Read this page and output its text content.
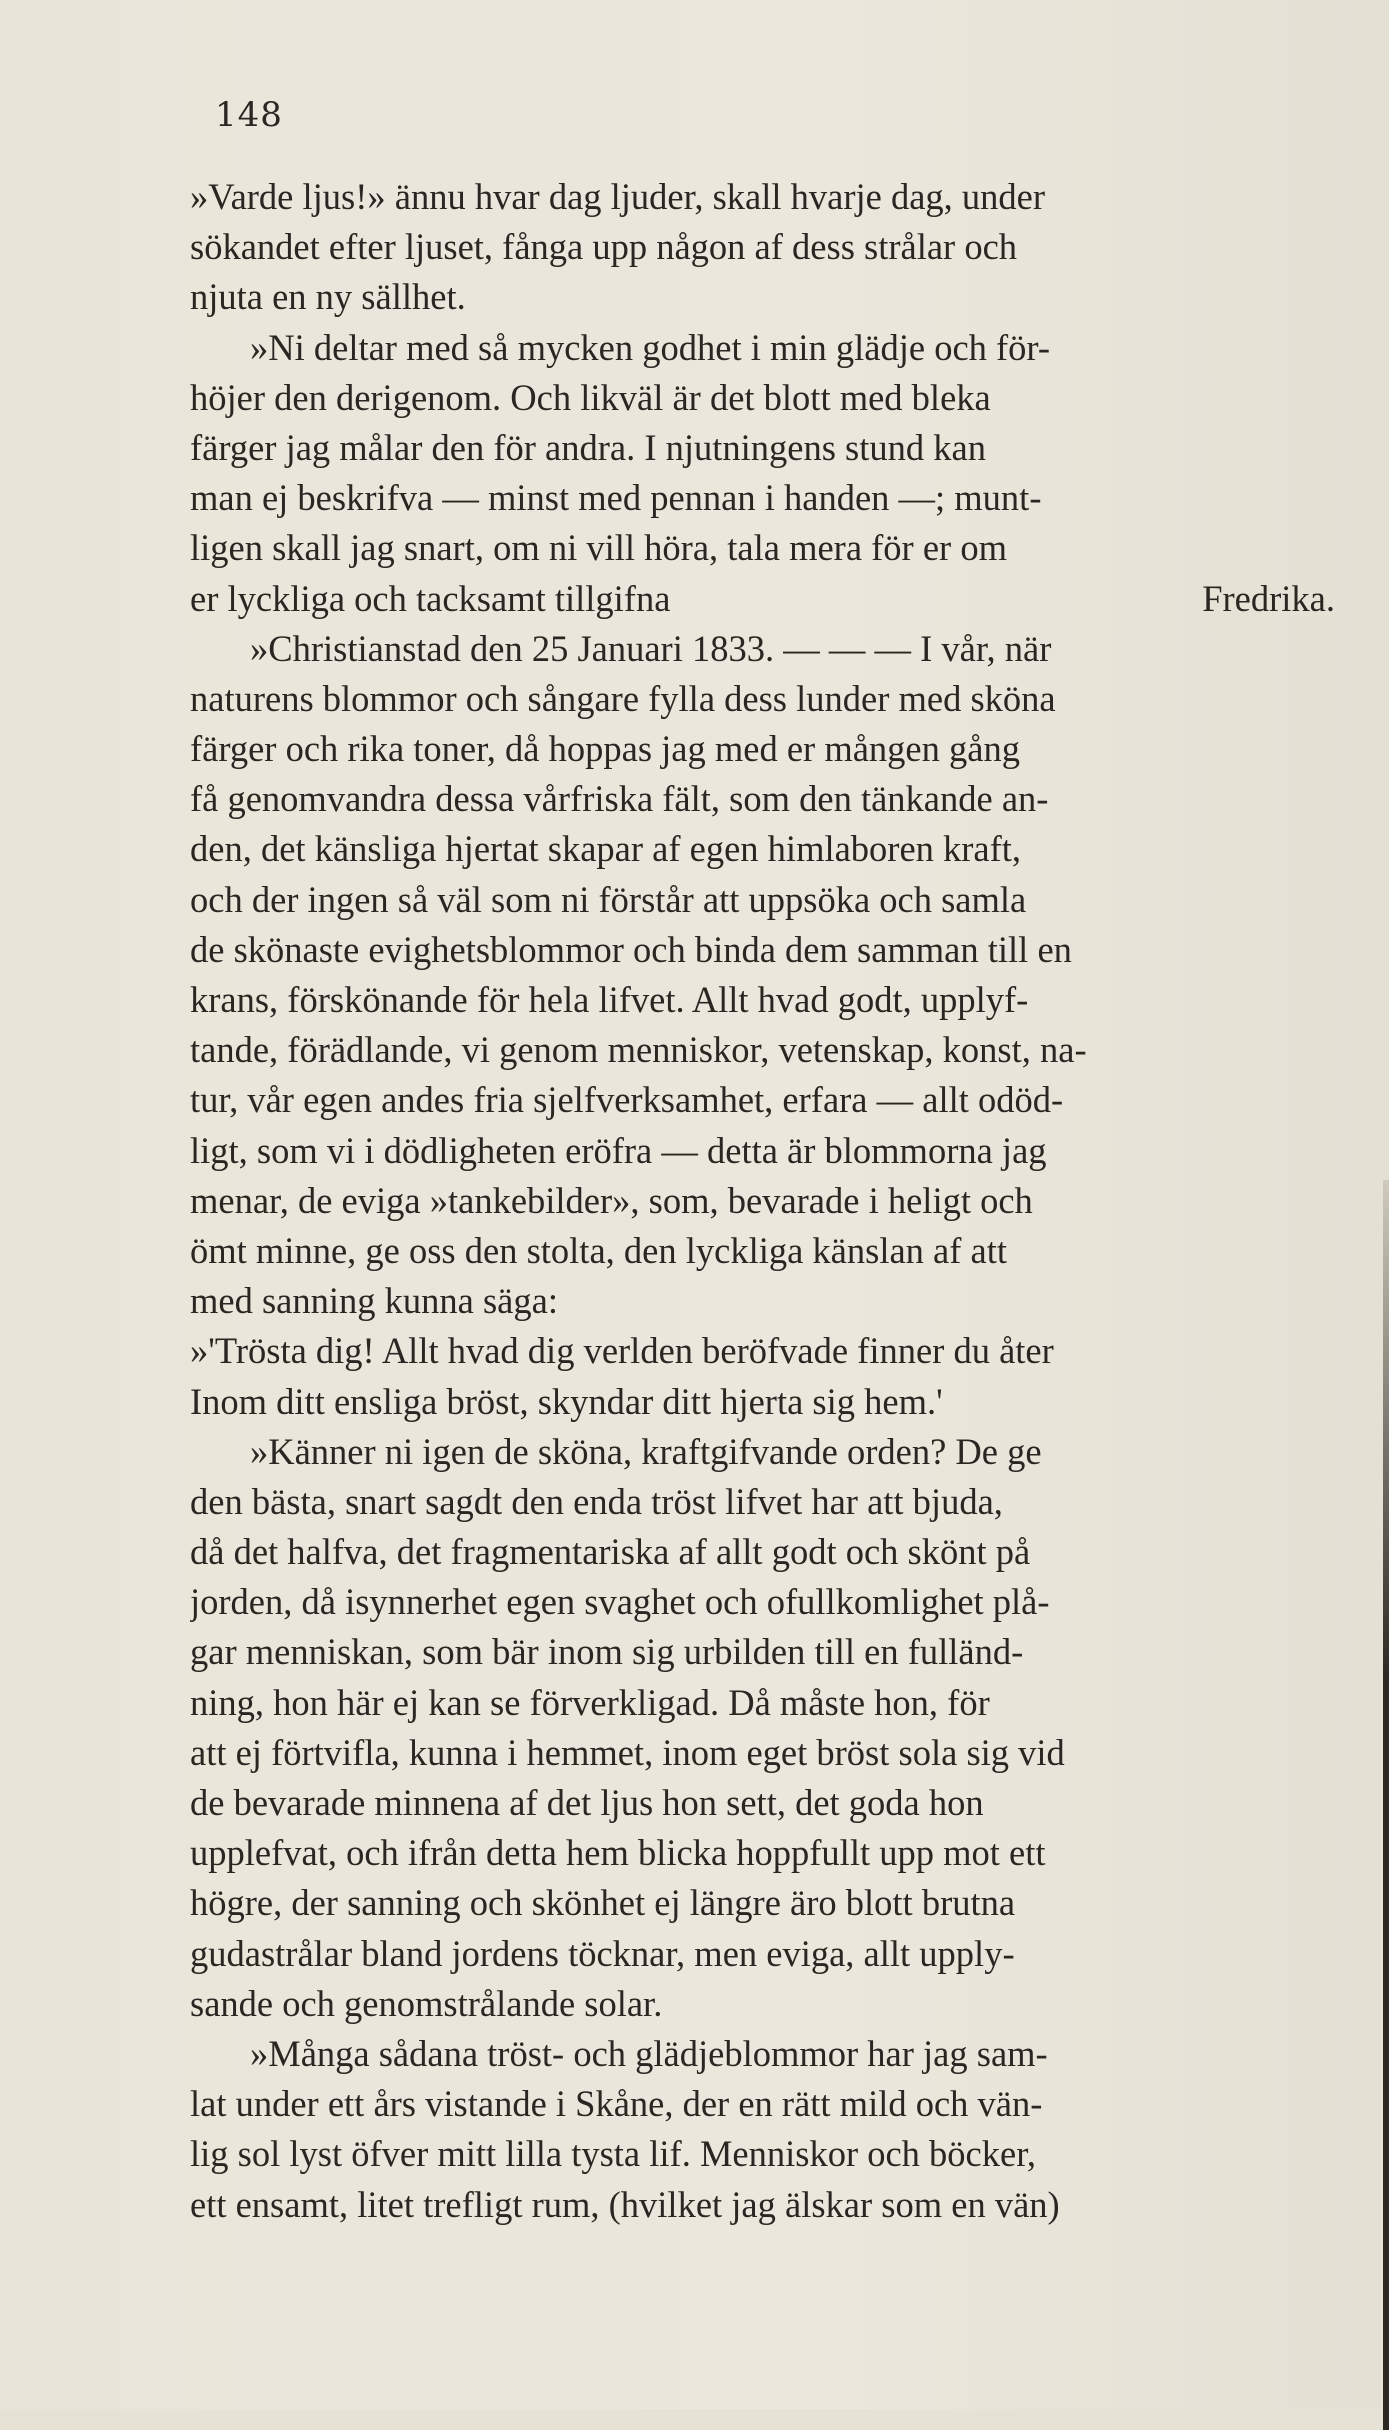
148
»Varde ljus!» ännu hvar dag ljuder, skall hvarje dag, under
sökandet efter ljuset, fånga upp någon af dess strålar och
njuta en ny sällhet.
»Ni deltar med så mycken godhet i min glädje och för-
höjer den derigenom. Och likväl är det blott med bleka
färger jag målar den för andra. I njutningens stund kan
man ej beskrifva — minst med pennan i handen —; munt-
ligen skall jag snart, om ni vill höra, tala mera för er om
er lyckliga och tacksamt tillgifna	Fredrika.
»Christianstad den 25 Januari 1833. — — — I vår, när
naturens blommor och sångare fylla dess lunder med sköna
färger och rika toner, då hoppas jag med er mången gång
få genomvandra dessa vårfriska fält, som den tänkande an-
den, det känsliga hjertat skapar af egen himlaboren kraft,
och der ingen så väl som ni förstår att uppsöka och samla
de skönaste evighetsblommor och binda dem samman till en
krans, förskönande för hela lifvet. Allt hvad godt, upplyf-
tande, förädlande, vi genom menniskor, vetenskap, konst, na-
tur, vår egen andes fria sjelfverksamhet, erfara — allt odöd-
ligt, som vi i dödligheten eröfra — detta är blommorna jag
menar, de eviga »tankebilder», som, bevarade i heligt och
ömt minne, ge oss den stolta, den lyckliga känslan af att
med sanning kunna säga:
»'Trösta dig! Allt hvad dig verlden beröfvade finner du åter
Inom ditt ensliga bröst, skyndar ditt hjerta sig hem.'
»Känner ni igen de sköna, kraftgifvande orden? De ge
den bästa, snart sagdt den enda tröst lifvet har att bjuda,
då det halfva, det fragmentariska af allt godt och skönt på
jorden, då isynnerhet egen svaghet och ofullkomlighet plå-
gar menniskan, som bär inom sig urbilden till en fulländ-
ning, hon här ej kan se förverkligad. Då måste hon, för
att ej förtvifla, kunna i hemmet, inom eget bröst sola sig vid
de bevarade minnena af det ljus hon sett, det goda hon
upplefvat, och ifrån detta hem blicka hoppfullt upp mot ett
högre, der sanning och skönhet ej längre äro blott brutna
gudastrålar bland jordens töcknar, men eviga, allt upply-
sande och genomstrålande solar.
»Många sådana tröst- och glädjeblommor har jag sam-
lat under ett års vistande i Skåne, der en rätt mild och vän-
lig sol lyst öfver mitt lilla tysta lif. Menniskor och böcker,
ett ensamt, litet trefligt rum, (hvilket jag älskar som en vän)
